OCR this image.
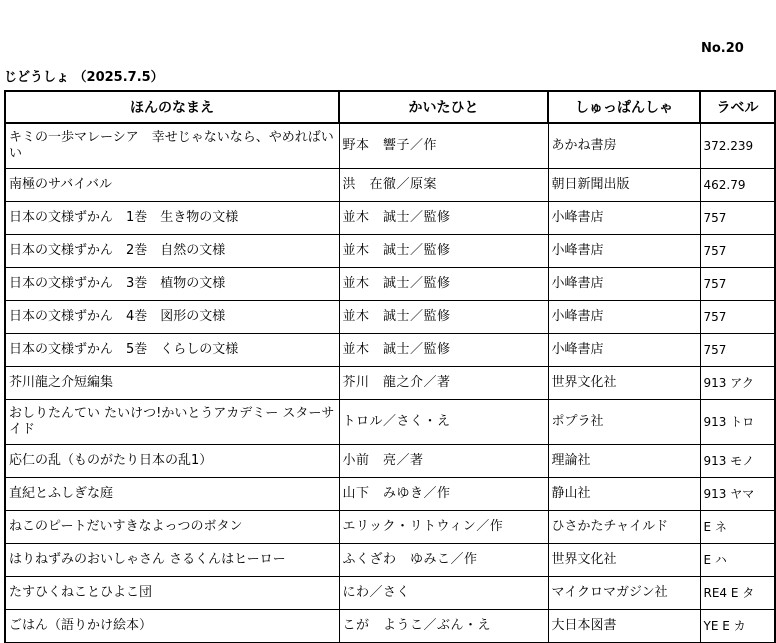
No.20
じどうしょ （2025.7.5）
ほんのなまえ	かいたひと	しゅっぱんしゃ	ラベル
キミの一歩マレーシア　幸せじゃないなら、やめればいい	野本　響子／作	あかね書房	372.239
南極のサバイバル	洪　在徹／原案	朝日新聞出版	462.79
日本の文様ずかん　1巻　生き物の文様	並木　誠士／監修	小峰書店	757
日本の文様ずかん　2巻　自然の文様	並木　誠士／監修	小峰書店	757
日本の文様ずかん　3巻　植物の文様	並木　誠士／監修	小峰書店	757
日本の文様ずかん　4巻　図形の文様	並木　誠士／監修	小峰書店	757
日本の文様ずかん　5巻　くらしの文様	並木　誠士／監修	小峰書店	757
芥川龍之介短編集	芥川　龍之介／著	世界文化社	913 アク
おしりたんてい たいけつ!かいとうアカデミー スターサイド	トロル／さく・え	ポプラ社	913 トロ
応仁の乱（ものがたり日本の乱1）	小前　亮／著	理論社	913 モノ
直紀とふしぎな庭	山下　みゆき／作	静山社	913 ヤマ
ねこのピートだいすきなよっつのボタン	エリック・リトウィン／作	ひさかたチャイルド	E ネ
はりねずみのおいしゃさん さるくんはヒーロー	ふくざわ　ゆみこ／作	世界文化社	E ハ
たすひくねことひよこ団	にわ／さく	マイクロマガジン社	RE4 E タ
ごはん（語りかけ絵本）	こが　ようこ／ぶん・え	大日本図書	YE E カ
